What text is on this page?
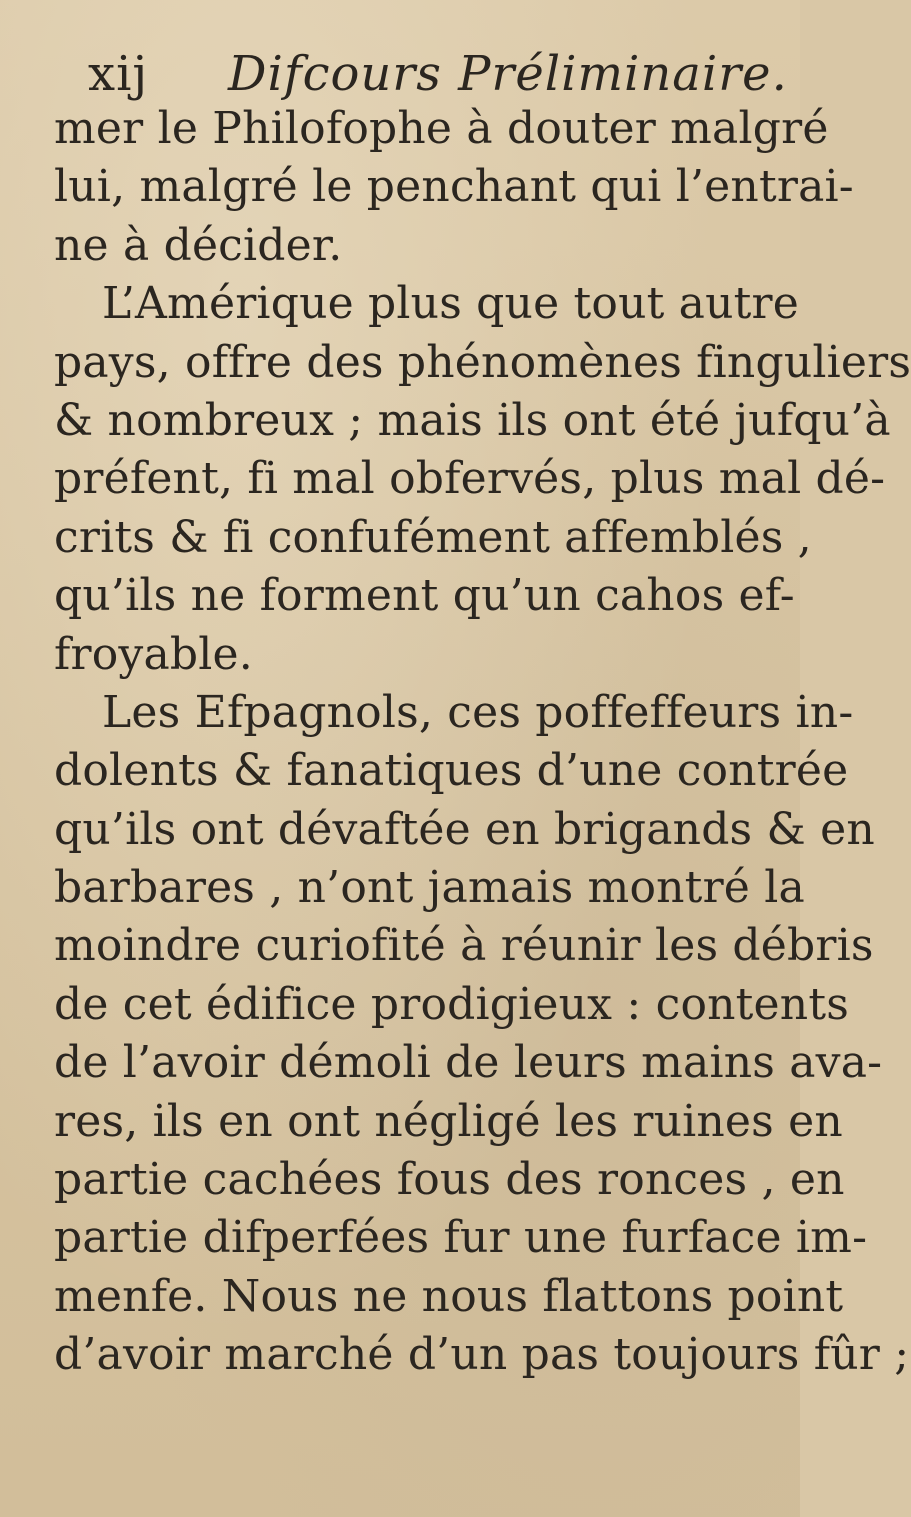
xij Difcours Préliminaire.
mer le Philofophe à douter malgré
lui, malgré le penchant qui l’entrai-
ne à décider.
L’Amérique plus que tout autre
pays, offre des phénomènes finguliers
& nombreux ; mais ils ont été jufqu’à
préfent, fi mal obfervés, plus mal dé-
crits & fi confufément affemblés ,
qu’ils ne forment qu’un cahos ef-
froyable.
Les Efpagnols, ces poffeffeurs in-
dolents & fanatiques d’une contrée
qu’ils ont dévaftée en brigands & en
barbares , n’ont jamais montré la
moindre curiofité à réunir les débris
de cet édifice prodigieux : contents
de l’avoir démoli de leurs mains ava-
res, ils en ont négligé les ruines en
partie cachées fous des ronces , en
partie difperfées fur une furface im-
menfe. Nous ne nous flattons point
d’avoir marché d’un pas toujours fûr ;
